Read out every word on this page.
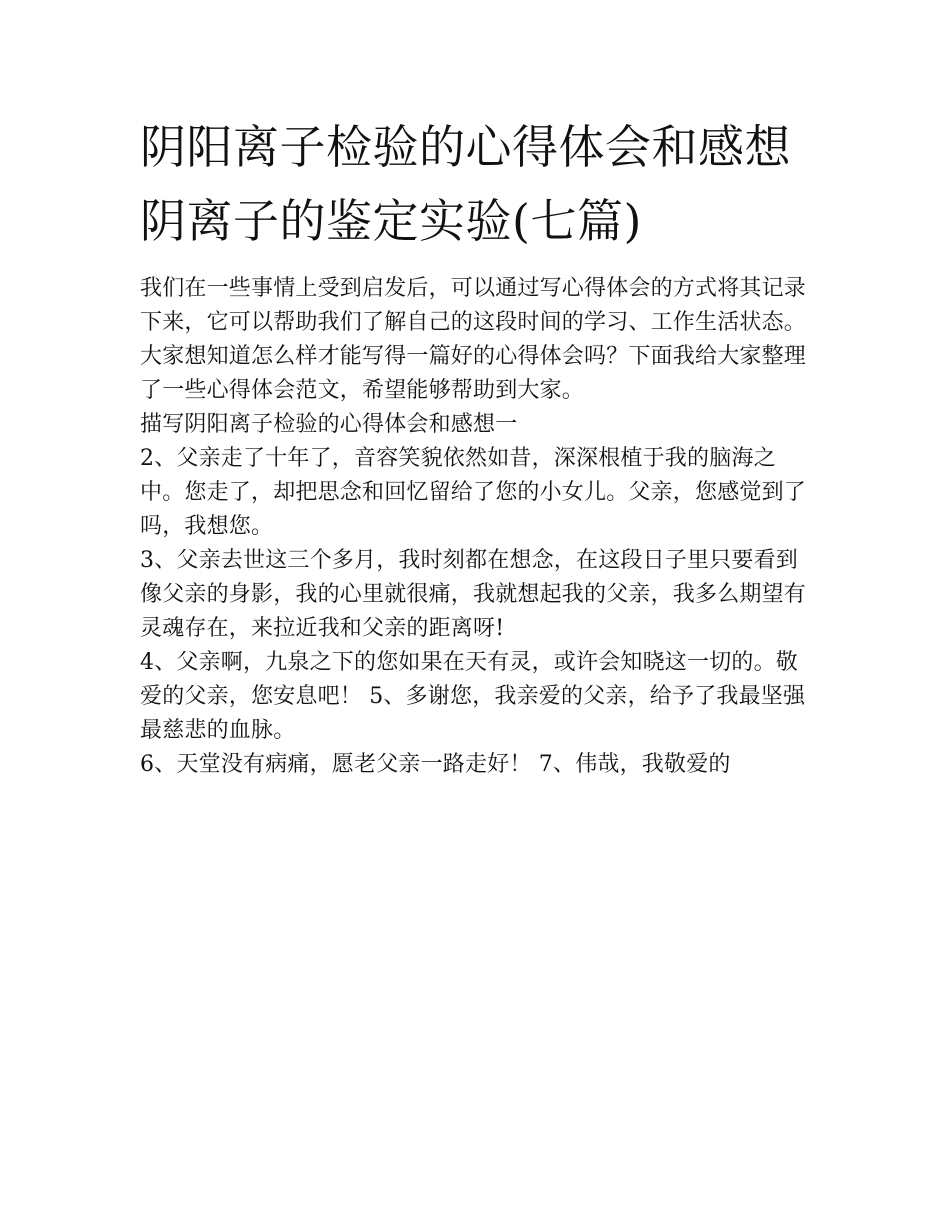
阴阳离子检验的心得体会和感想 阴离子的鉴定实验(七篇)

我们在一些事情上受到启发后，可以通过写心得体会的方式将其记录下来，它可以帮助我们了解自己的这段时间的学习、工作生活状态。大家想知道怎么样才能写得一篇好的心得体会吗？下面我给大家整理了一些心得体会范文，希望能够帮助到大家。

描写阴阳离子检验的心得体会和感想一

2、父亲走了十年了，音容笑貌依然如昔，深深根植于我的脑海之中。您走了，却把思念和回忆留给了您的小女儿。父亲，您感觉到了吗，我想您。

3、父亲去世这三个多月，我时刻都在想念，在这段日子里只要看到像父亲的身影，我的心里就很痛，我就想起我的父亲，我多么期望有灵魂存在，来拉近我和父亲的距离呀!

4、父亲啊，九泉之下的您如果在天有灵，或许会知晓这一切的。敬爱的父亲，您安息吧！ 5、多谢您，我亲爱的父亲，给予了我最坚强最慈悲的血脉。

6、天堂没有病痛，愿老父亲一路走好！ 7、伟哉，我敬爱的
